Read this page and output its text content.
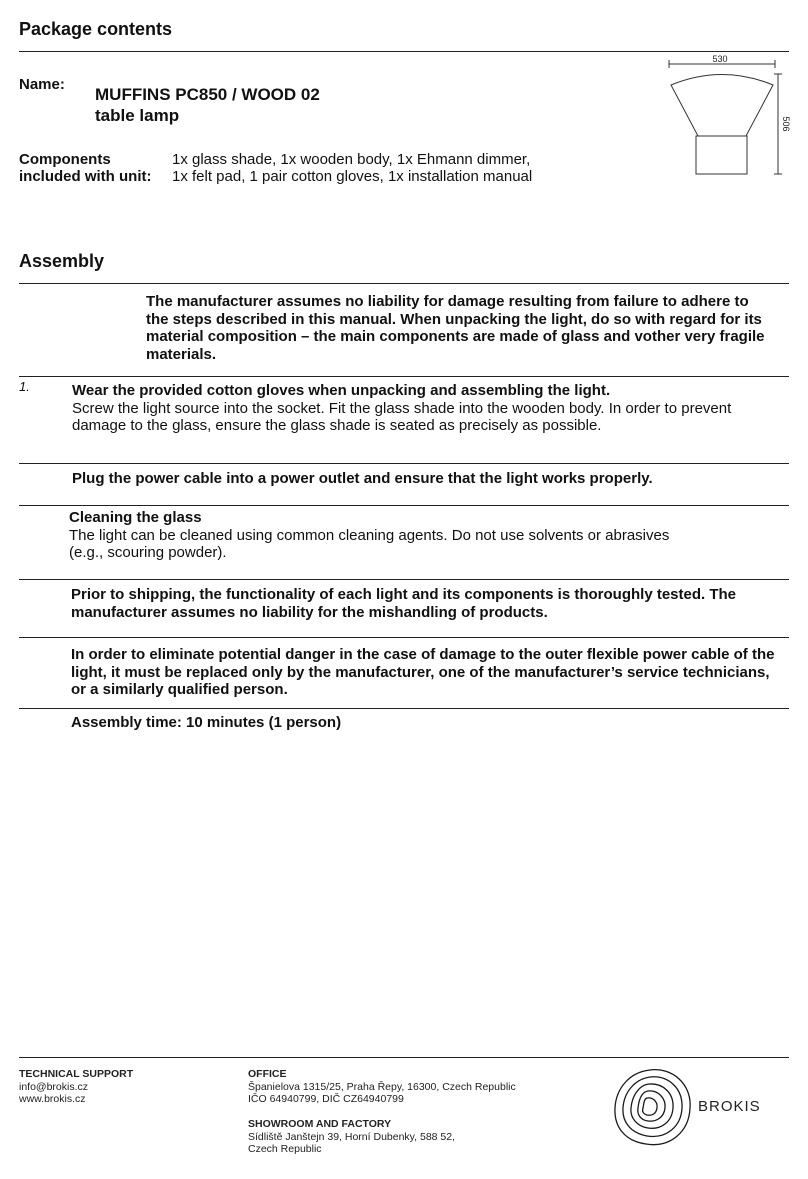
Package contents
Name:
MUFFINS PC850 / WOOD 02
table lamp
Components
included with unit:
1x glass shade, 1x wooden body, 1x Ehmann dimmer,
1x felt pad, 1 pair cotton gloves, 1x installation manual
530
506
Assembly
The manufacturer assumes no liability for damage resulting from failure to adhere to
the steps described in this manual. When unpacking the light, do so with regard for its
material composition – the main components are made of glass and vother very fragile
materials.
1.	Wear the provided cotton gloves when unpacking and assembling the light.
Screw the light source into the socket. Fit the glass shade into the wooden body. In order to prevent
damage to the glass, ensure the glass shade is seated as precisely as possible.
Plug the power cable into a power outlet and ensure that the light works properly.
Cleaning the glass
The light can be cleaned using common cleaning agents. Do not use solvents or abrasives
(e.g., scouring powder).
Prior to shipping, the functionality of each light and its components is thoroughly tested. The
manufacturer assumes no liability for the mishandling of products.
In order to eliminate potential danger in the case of damage to the outer flexible power cable of the
light, it must be replaced only by the manufacturer, one of the manufacturer’s service technicians,
or a similarly qualified person.
Assembly time: 10 minutes (1 person)
TECHNICAL SUPPORT
info@brokis.cz
www.brokis.cz
OFFICE
Španielova 1315/25, Praha Řepy, 16300, Czech Republic
IČO 64940799, DIČ CZ64940799
SHOWROOM AND FACTORY
Sídliště Janštejn 39, Horní Dubenky, 588 52,
Czech Republic
BROKIS
